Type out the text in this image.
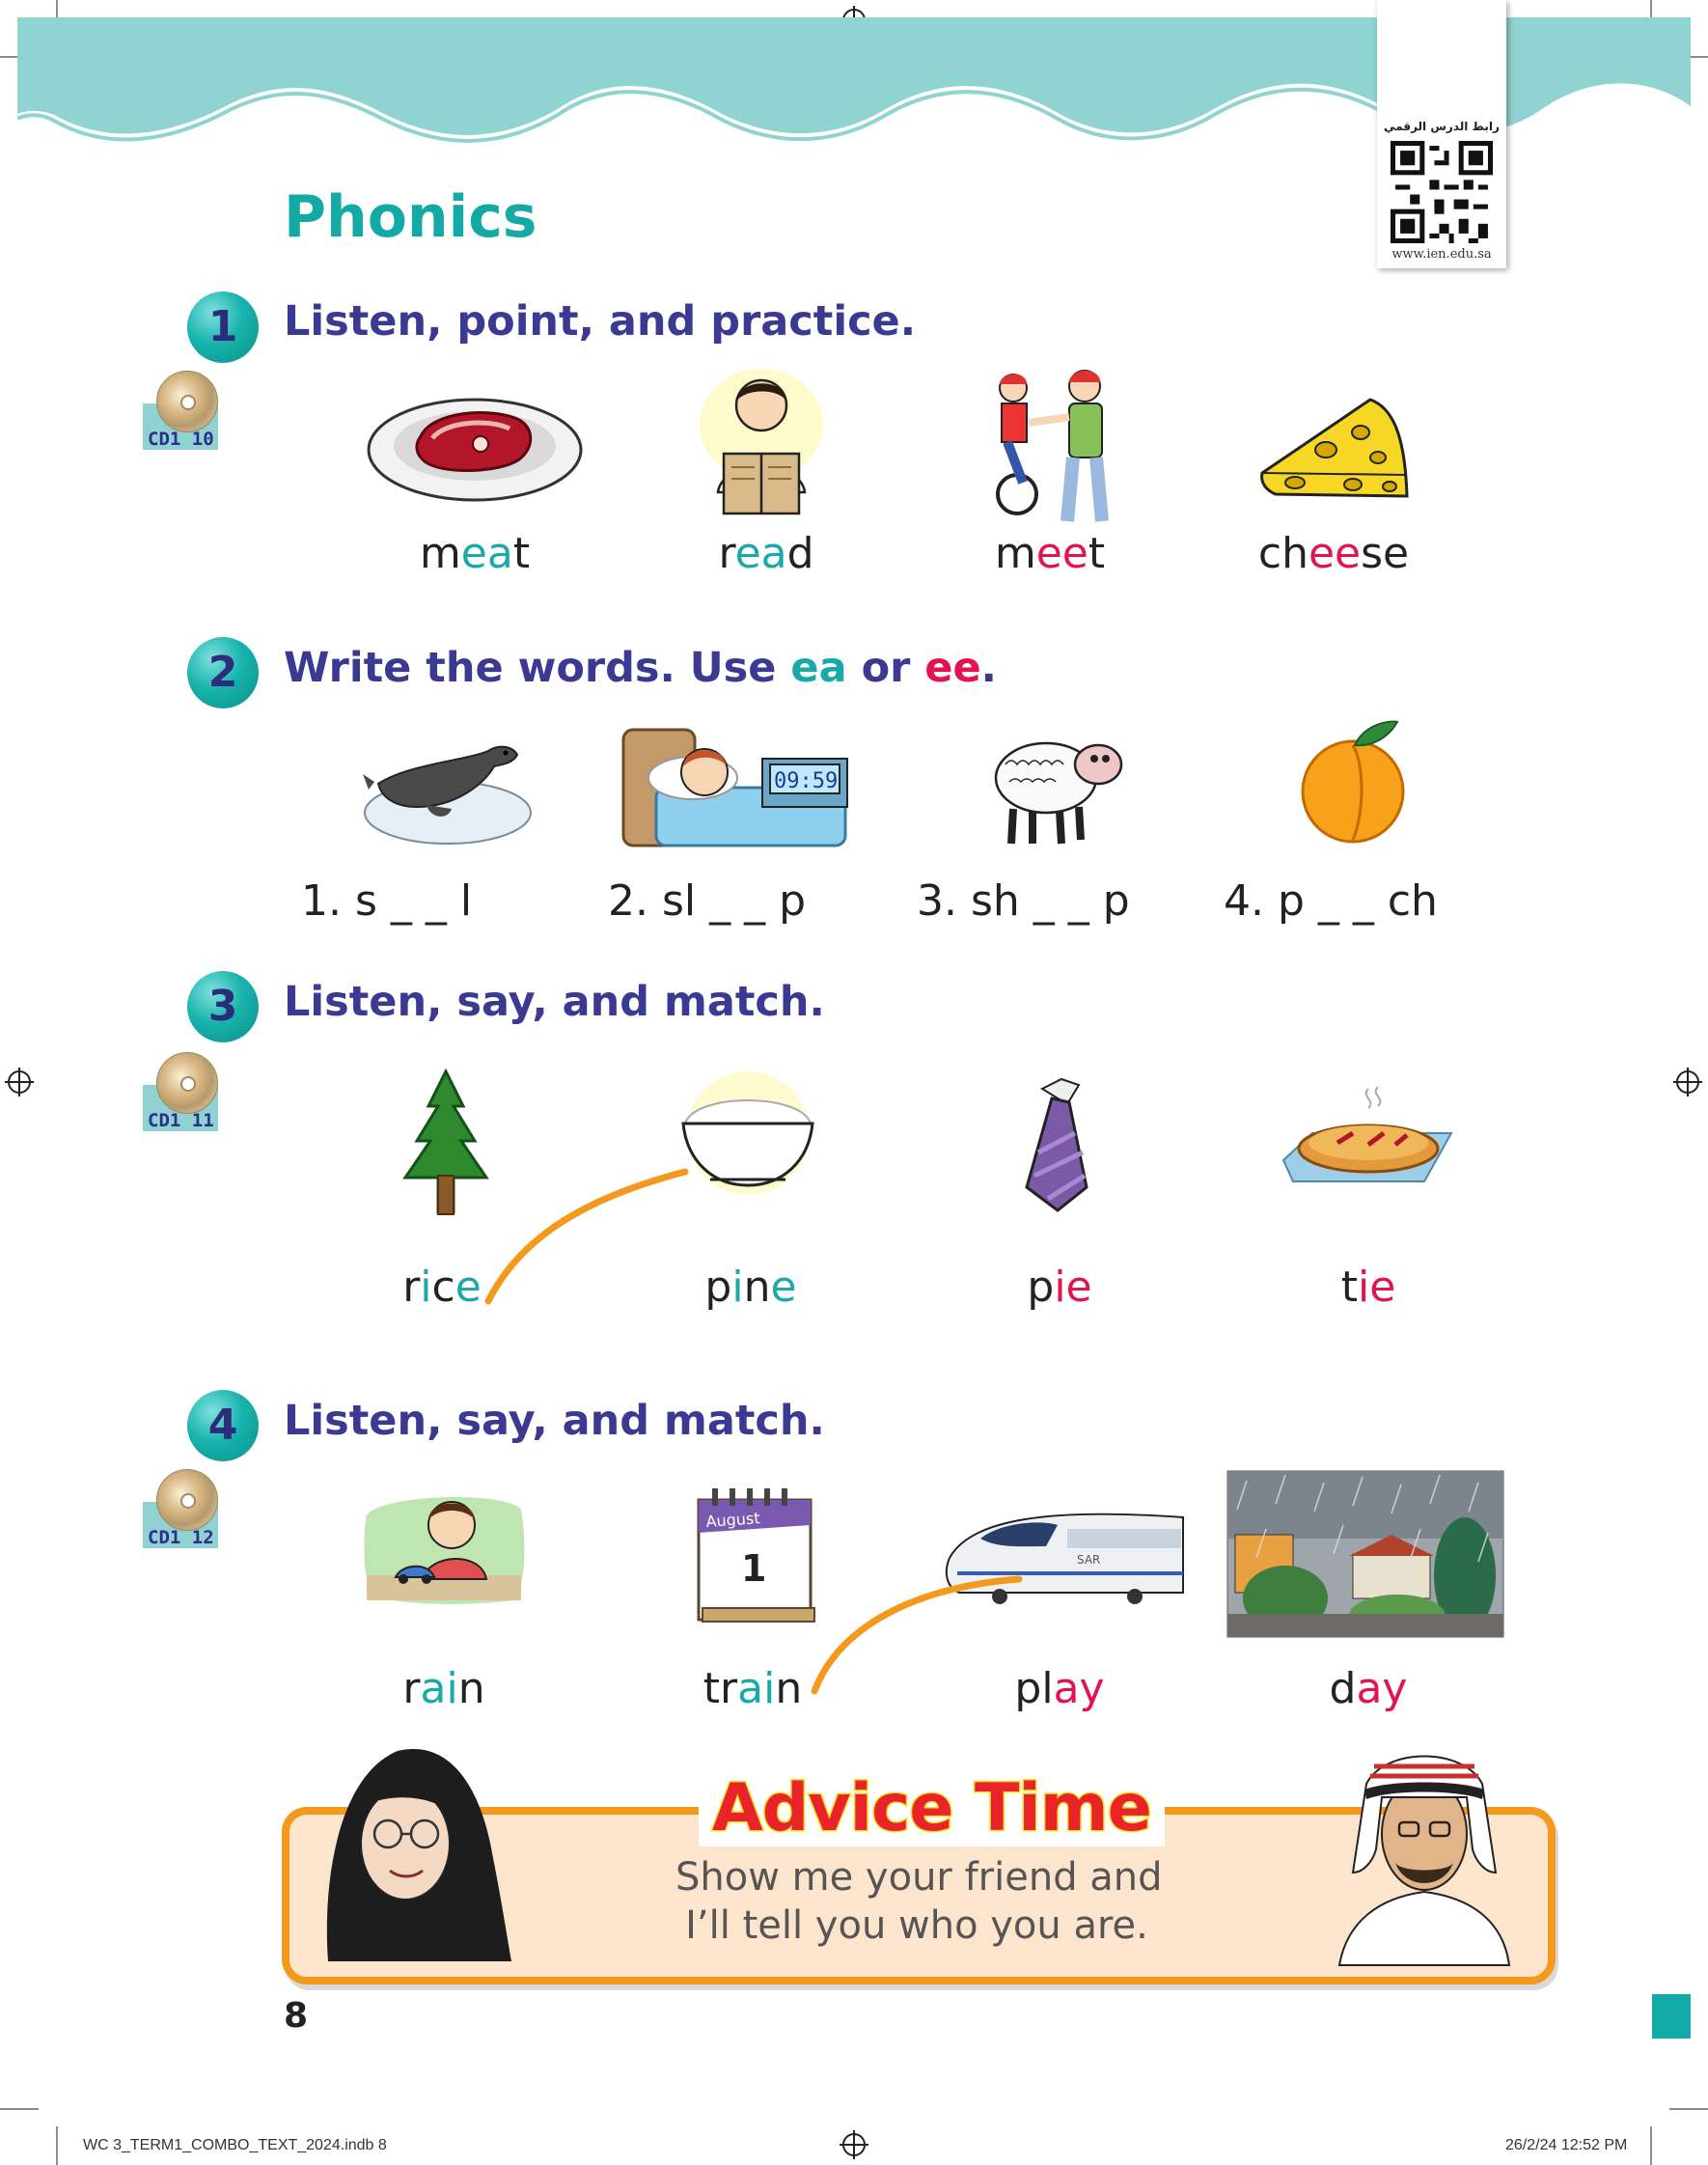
رابط الدرس الرقمي
www.ien.edu.sa
Phonics
1	Listen, point, and practice.
CD1 10
meat	read	meet	cheese
2	Write the words. Use ea or ee.
09:59
1. s _ _ l	2. sl _ _ p	3. sh _ _ p 4. p _ _ ch
3	Listen, say, and match.
CD1 11
rice	pine	pie	tie
4	Listen, say, and match.
CD1 12
August
1	SAR
rain	train	play	day
Advice Time
Show me your friend and
I’ll tell you who you are.
8
WC 3_TERM1_COMBO_TEXT_2024.indb 8	26/2/24 12:52 PM
